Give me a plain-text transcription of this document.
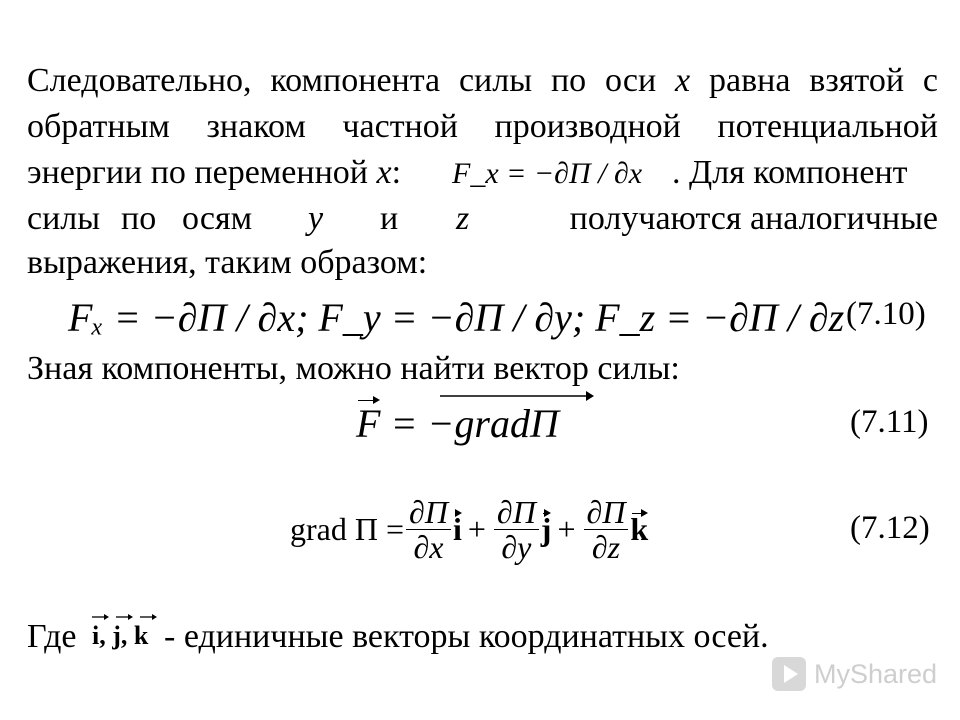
Следовательно, компонента силы по оси x равна взятой с
обратным знаком частной производной потенциальной
энергии по переменной x: F_x = −∂П / ∂x . Для компонент
силы по осям y и z	получаются аналогичные
выражения, таким образом:
Fₓ = −∂П / ∂x; F_y = −∂П / ∂y; F_z = −∂П / ∂z (7.10)
Зная компоненты, можно найти вектор силы:
F = −gradП	(7.11)
grad $П = \frac{\partial П}{\partial x}$ $i + \frac{\partial П}{\partial y}$ $j + \frac{\partial П}{\partial z}$ k	(7.12)
Где i, j, k - единичные векторы координатных осей.
MyShared
